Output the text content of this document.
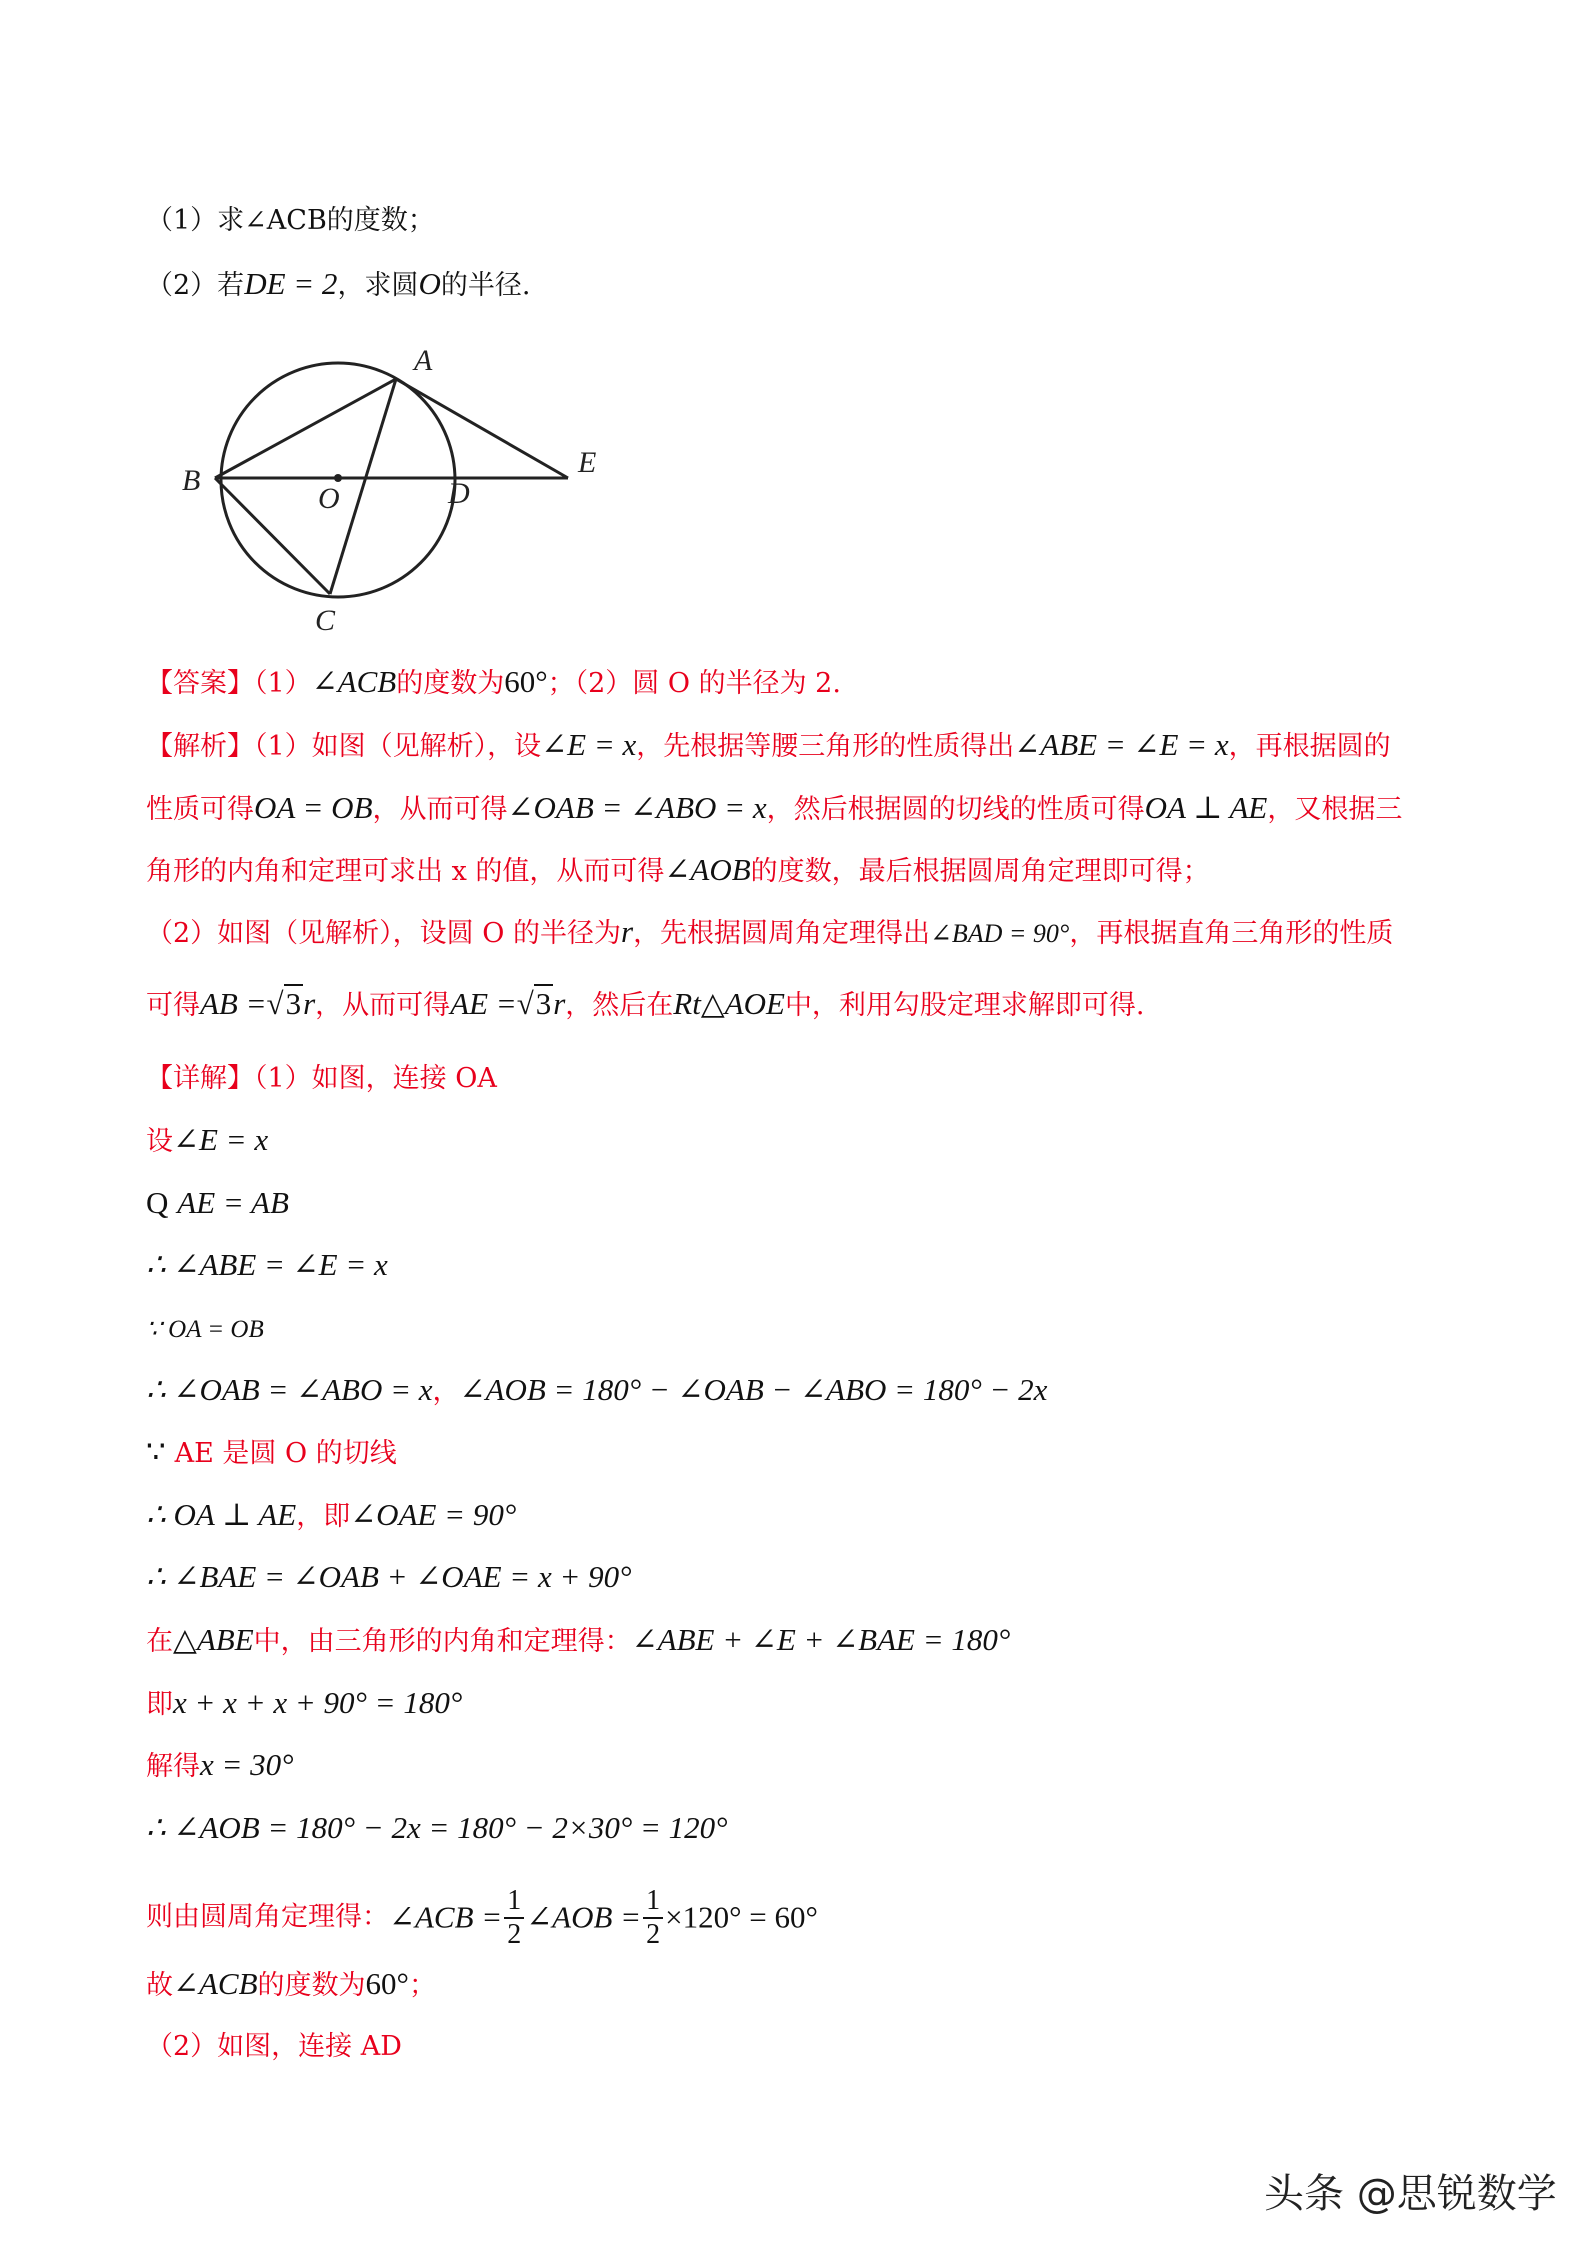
（1）求∠ACB的度数；
（2）若DE = 2，求圆O的半径.
A
B
C
D
E
O
【答案】（1）∠ACB的度数为60°；（2）圆 O 的半径为 2.
【解析】（1）如图（见解析），设∠E = x，先根据等腰三角形的性质得出∠ABE = ∠E = x，再根据圆的
性质可得OA = OB，从而可得∠OAB = ∠ABO = x，然后根据圆的切线的性质可得OA ⊥ AE，又根据三
角形的内角和定理可求出 x 的值，从而可得∠AOB的度数，最后根据圆周角定理即可得；
（2）如图（见解析），设圆 O 的半径为r，先根据圆周角定理得出∠BAD = 90°，再根据直角三角形的性质
可得AB =√3r，从而可得AE =√3r，然后在Rt△AOE中，利用勾股定理求解即可得.
【详解】（1）如图，连接 OA
设∠E = x
Q AE = AB
∴ ∠ABE = ∠E = x
∵ OA = OB
∴ ∠OAB = ∠ABO = x，∠AOB = 180° − ∠OAB − ∠ABO = 180° − 2x
∵ AE 是圆 O 的切线
∴ OA ⊥ AE，即∠OAE = 90°
∴ ∠BAE = ∠OAB + ∠OAE = x + 90°
在△ABE中，由三角形的内角和定理得：∠ABE + ∠E + ∠BAE = 180°
即x + x + x + 90° = 180°
解得x = 30°
∴ ∠AOB = 180° − 2x = 180° − 2×30° = 120°
则由圆周角定理得：∠ACB = $\frac{1}{2}$ ∠AOB = $\frac{1}{2} \times 120^\circ = 60^\circ$
故∠ACB的度数为60°；
（2）如图，连接 AD
头条 @思锐数学
